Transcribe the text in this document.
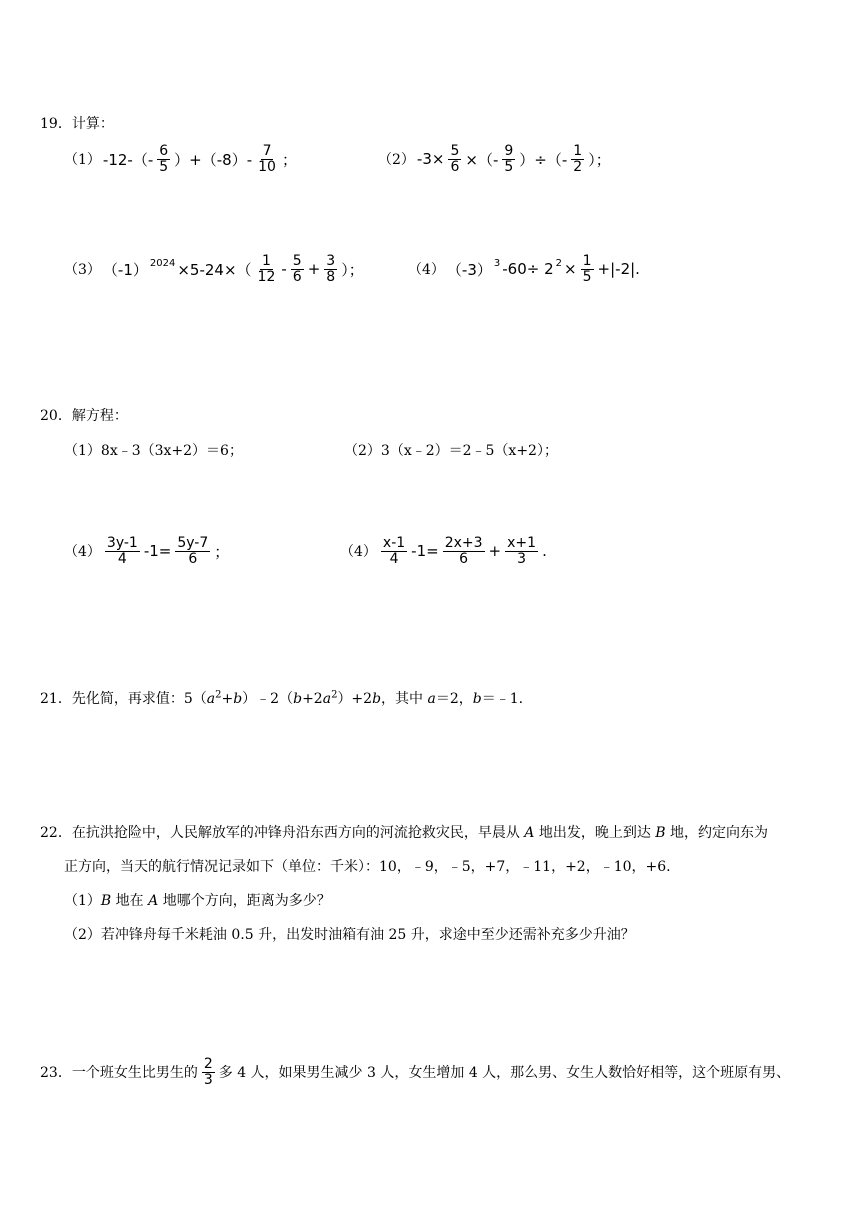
19．计算：
（1） $-12-(- \frac{6}{5} )+(-8)- \frac{7}{10}$ ；	（2） $-3\times \frac{5}{6}$ ×（- $\frac{9}{5}$ ）÷（- $\frac{1}{2}$ ）；
（3） （-1） $2024 \times 5-24\times( \frac{1}{12} - \frac{5}{6} + \frac{3}{8}$ ）；	（4） （-3） 3 -60÷ 2 $2 \times \frac{1}{5} +|-2|$.
20．解方程：
（1）8x﹣3（3x+2）＝6；	（2）3（x﹣2）＝2﹣5（x+2）；
$(4) \frac{3y-1}{4} -1= \frac{5y-7}{6}$ ；	$(4) \frac{x-1}{4} -1= \frac{2x+3}{6} + \frac{x+1}{3}$ .
21．先化简，再求值：$5(a^2+b)﹣2(b+2a^2)+2b$，其中 a＝2，b＝﹣1.
22．在抗洪抢险中，人民解放军的冲锋舟沿东西方向的河流抢救灾民，早晨从 A 地出发，晚上到达 B 地，约定向东为
正方向，当天的航行情况记录如下（单位：千米）：10，﹣9，﹣5，+7，﹣11，+2，﹣10，+6.
（1）B 地在 A 地哪个方向，距离为多少？
（2）若冲锋舟每千米耗油 0.5 升，出发时油箱有油 25 升，求途中至少还需补充多少升油？
23．一个班女生比男生的 $\frac{2}{3}$ 多 4 人，如果男生减少 3 人，女生增加 4 人，那么男、女生人数恰好相等，这个班原有男、
